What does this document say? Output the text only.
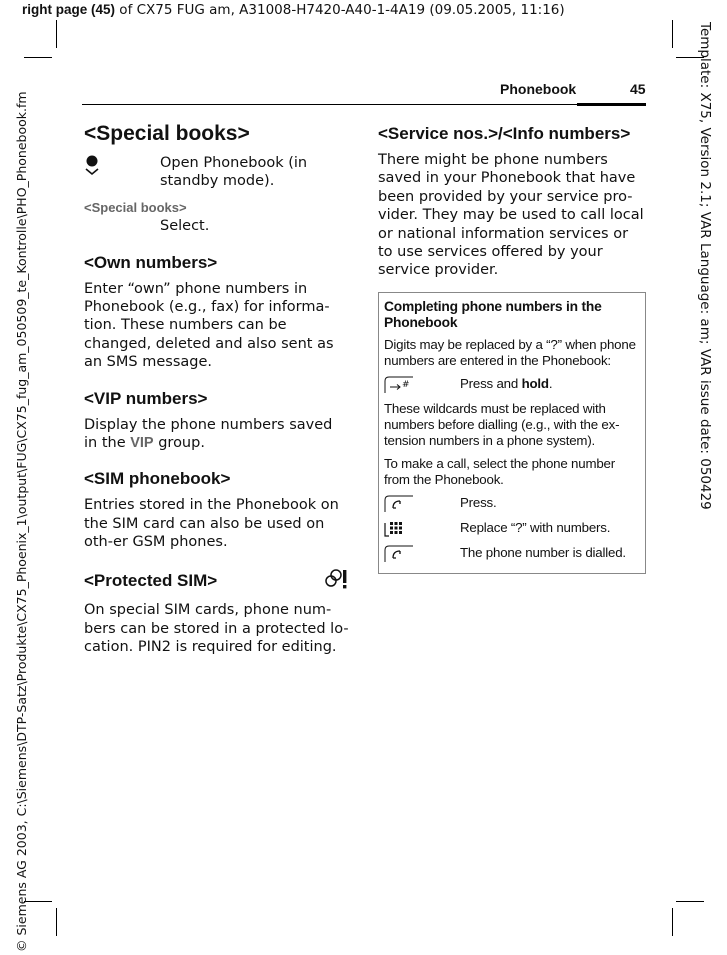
right page (45) of CX75 FUG am, A31008-H7420-A40-1-4A19 (09.05.2005, 11:16)
© Siemens AG 2003, C:\Siemens\DTP-Satz\Produkte\CX75_Phoenix_1\output\FUG\CX75_fug_am_050509_te_Kontrolle\PHO_Phonebook.fm	Template: X75, Version 2.1; VAR Language: am; VAR issue date: 050429
Phonebook	45
<Special books>

Open Phonebook (in standby mode).

<Special books>

Select.

<Own numbers>

Enter “own” phone numbers in Phonebook (e.g., fax) for informa-tion. These numbers can be changed, deleted and also sent as an SMS message.

<VIP numbers>

Display the phone numbers saved in the VIP group.

<SIM phonebook>

Entries stored in the Phonebook on the SIM card can also be used on oth-er GSM phones.

<Protected SIM>

On special SIM cards, phone num-bers can be stored in a protected lo-cation. PIN2 is required for editing.

<Service nos.>/<Info numbers>

There might be phone numbers saved in your Phonebook that have been provided by your service pro-vider. They may be used to call local or national information services or to use services offered by your service provider.

Completing phone numbers in the Phonebook

Digits may be replaced by a “?” when phone numbers are entered in the Phonebook:

#	Press and hold.

These wildcards must be replaced with numbers before dialling (e.g., with the ex-tension numbers in a phone system).

To make a call, select the phone number from the Phonebook.

Press.

Replace “?” with numbers.

The phone number is dialled.
